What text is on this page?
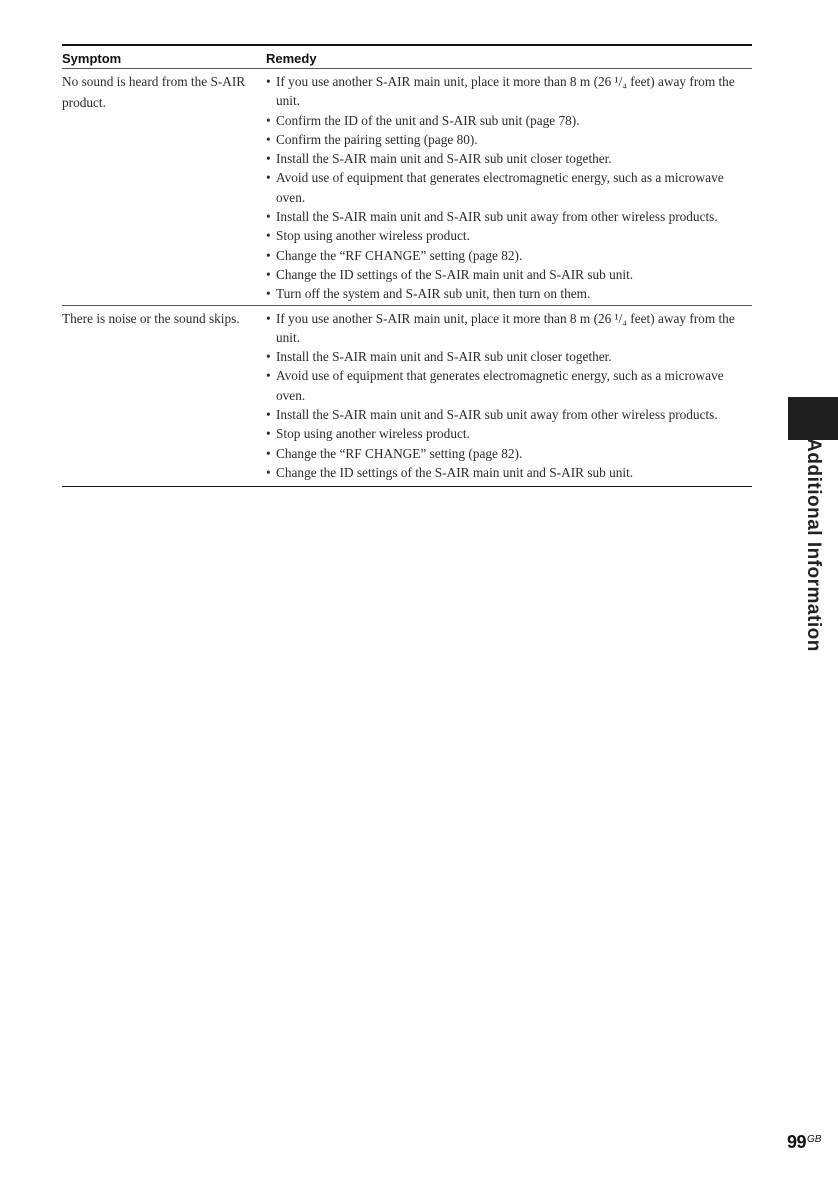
Symptom	Remedy
No sound is heard from the S-AIR product.
• If you use another S-AIR main unit, place it more than 8 m (26 ¹/₄ feet) away from the unit.
• Confirm the ID of the unit and S-AIR sub unit (page 78).
• Confirm the pairing setting (page 80).
• Install the S-AIR main unit and S-AIR sub unit closer together.
• Avoid use of equipment that generates electromagnetic energy, such as a microwave oven.
• Install the S-AIR main unit and S-AIR sub unit away from other wireless products.
• Stop using another wireless product.
• Change the “RF CHANGE” setting (page 82).
• Change the ID settings of the S-AIR main unit and S-AIR sub unit.
• Turn off the system and S-AIR sub unit, then turn on them.
There is noise or the sound skips.
•	If you use another S-AIR main unit, place it more than 8 m (26 ¹/₄ feet) away from the unit.
• Install the S-AIR main unit and S-AIR sub unit closer together.
• Avoid use of equipment that generates electromagnetic energy, such as a microwave oven.
• Install the S-AIR main unit and S-AIR sub unit away from other wireless products.
• Stop using another wireless product.
• Change the “RF CHANGE” setting (page 82).
• Change the ID settings of the S-AIR main unit and S-AIR sub unit.	Additional Information
$99^{GB}$
